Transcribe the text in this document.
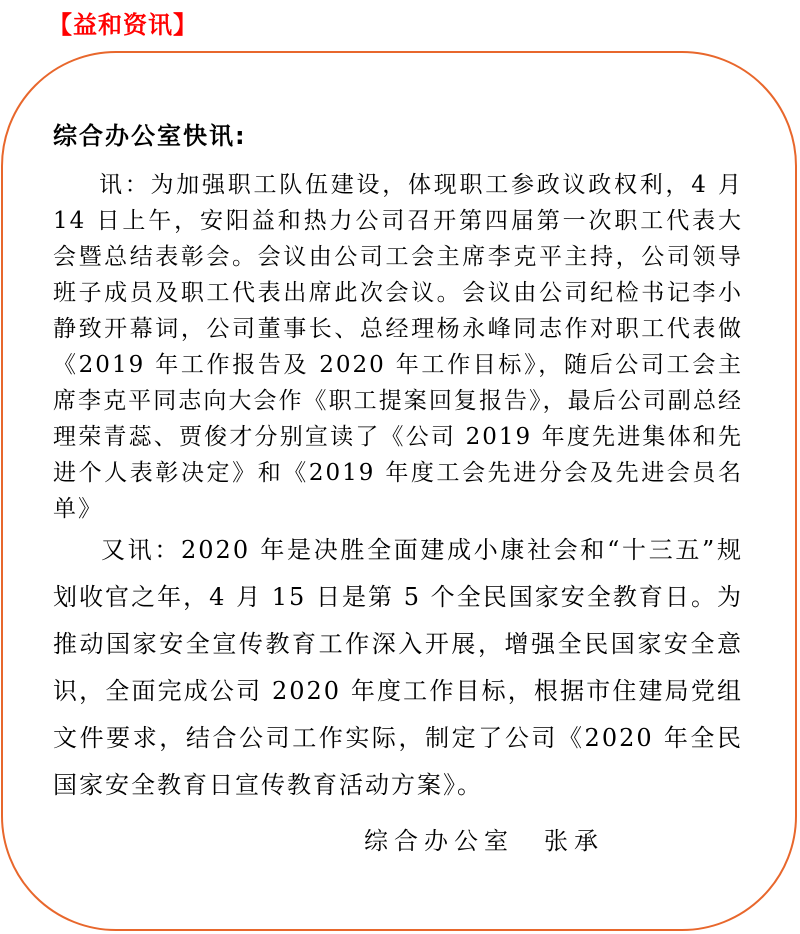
【益和资讯】
综合办公室快讯:

讯：为加强职工队伍建设，体现职工参政议政权利，4 月 14 日上午，安阳益和热力公司召开第四届第一次职工代表大会暨总结表彰会。会议由公司工会主席李克平主持，公司领导班子成员及职工代表出席此次会议。会议由公司纪检书记李小静致开幕词，公司董事长、总经理杨永峰同志作对职工代表做《2019 年工作报告及 2020 年工作目标》，随后公司工会主席李克平同志向大会作《职工提案回复报告》，最后公司副总经理荣青蕊、贾俊才分别宣读了《公司 2019 年度先进集体和先进个人表彰决定》和《2019 年度工会先进分会及先进会员名单》

又讯：2020 年是决胜全面建成小康社会和“十三五”规划收官之年，4 月 15 日是第 5 个全民国家安全教育日。为推动国家安全宣传教育工作深入开展，增强全民国家安全意识，全面完成公司 2020 年度工作目标，根据市住建局党组文件要求，结合公司工作实际，制定了公司《2020 年全民国家安全教育日宣传教育活动方案》。

综合办公室　张承
